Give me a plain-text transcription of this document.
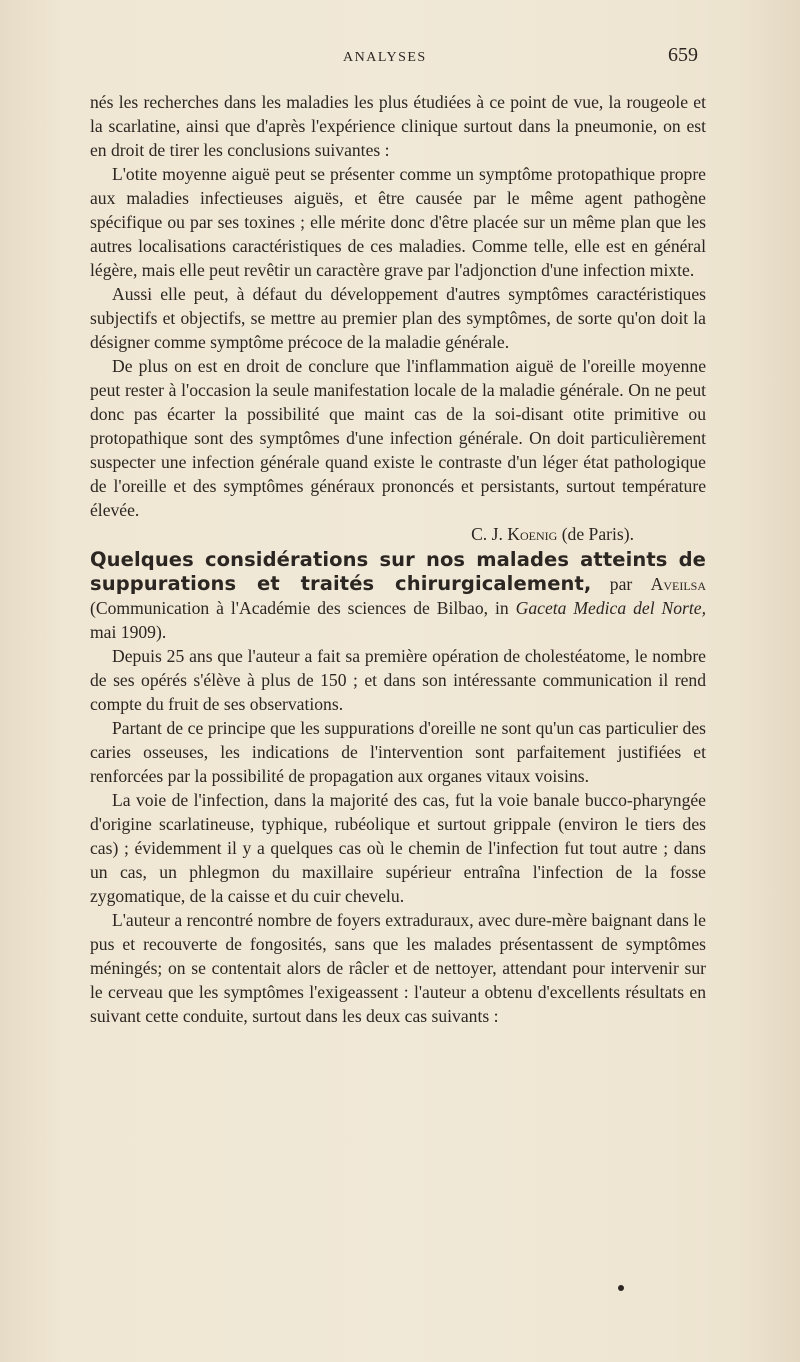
ANALYSES	659

nés les recherches dans les maladies les plus étudiées à ce point de vue, la rougeole et la scarlatine, ainsi que d'après l'expérience clinique surtout dans la pneumonie, on est en droit de tirer les conclusions suivantes :

L'otite moyenne aiguë peut se présenter comme un symptôme protopathique propre aux maladies infectieuses aiguës, et être causée par le même agent pathogène spécifique ou par ses toxines ; elle mérite donc d'être placée sur un même plan que les autres localisations caractéristiques de ces maladies. Comme telle, elle est en général légère, mais elle peut revêtir un caractère grave par l'adjonction d'une infection mixte.

Aussi elle peut, à défaut du développement d'autres symptômes caractéristiques subjectifs et objectifs, se mettre au premier plan des symptômes, de sorte qu'on doit la désigner comme symptôme précoce de la maladie générale.

De plus on est en droit de conclure que l'inflammation aiguë de l'oreille moyenne peut rester à l'occasion la seule manifestation locale de la maladie générale. On ne peut donc pas écarter la possibilité que maint cas de la soi-disant otite primitive ou protopathique sont des symptômes d'une infection générale. On doit particulièrement suspecter une infection générale quand existe le contraste d'un léger état pathologique de l'oreille et des symptômes généraux prononcés et persistants, surtout température élevée.

C. J. Koenig (de Paris).
Quelques considérations sur nos malades atteints de suppurations et traités chirurgicalement, par Aveilsa (Communication à l'Académie des sciences de Bilbao, in Gaceta Medica del Norte, mai 1909).

Depuis 25 ans que l'auteur a fait sa première opération de cholestéatome, le nombre de ses opérés s'élève à plus de 150 ; et dans son intéressante communication il rend compte du fruit de ses observations.

Partant de ce principe que les suppurations d'oreille ne sont qu'un cas particulier des caries osseuses, les indications de l'intervention sont parfaitement justifiées et renforcées par la possibilité de propagation aux organes vitaux voisins.

La voie de l'infection, dans la majorité des cas, fut la voie banale bucco-pharyngée d'origine scarlatineuse, typhique, rubéolique et surtout grippale (environ le tiers des cas) ; évidemment il y a quelques cas où le chemin de l'infection fut tout autre ; dans un cas, un phlegmon du maxillaire supérieur entraîna l'infection de la fosse zygomatique, de la caisse et du cuir chevelu.

L'auteur a rencontré nombre de foyers extraduraux, avec dure-mère baignant dans le pus et recouverte de fongosités, sans que les malades présentassent de symptômes méningés; on se contentait alors de râcler et de nettoyer, attendant pour intervenir sur le cerveau que les symptômes l'exigeassent : l'auteur a obtenu d'excellents résultats en suivant cette conduite, surtout dans les deux cas suivants :
